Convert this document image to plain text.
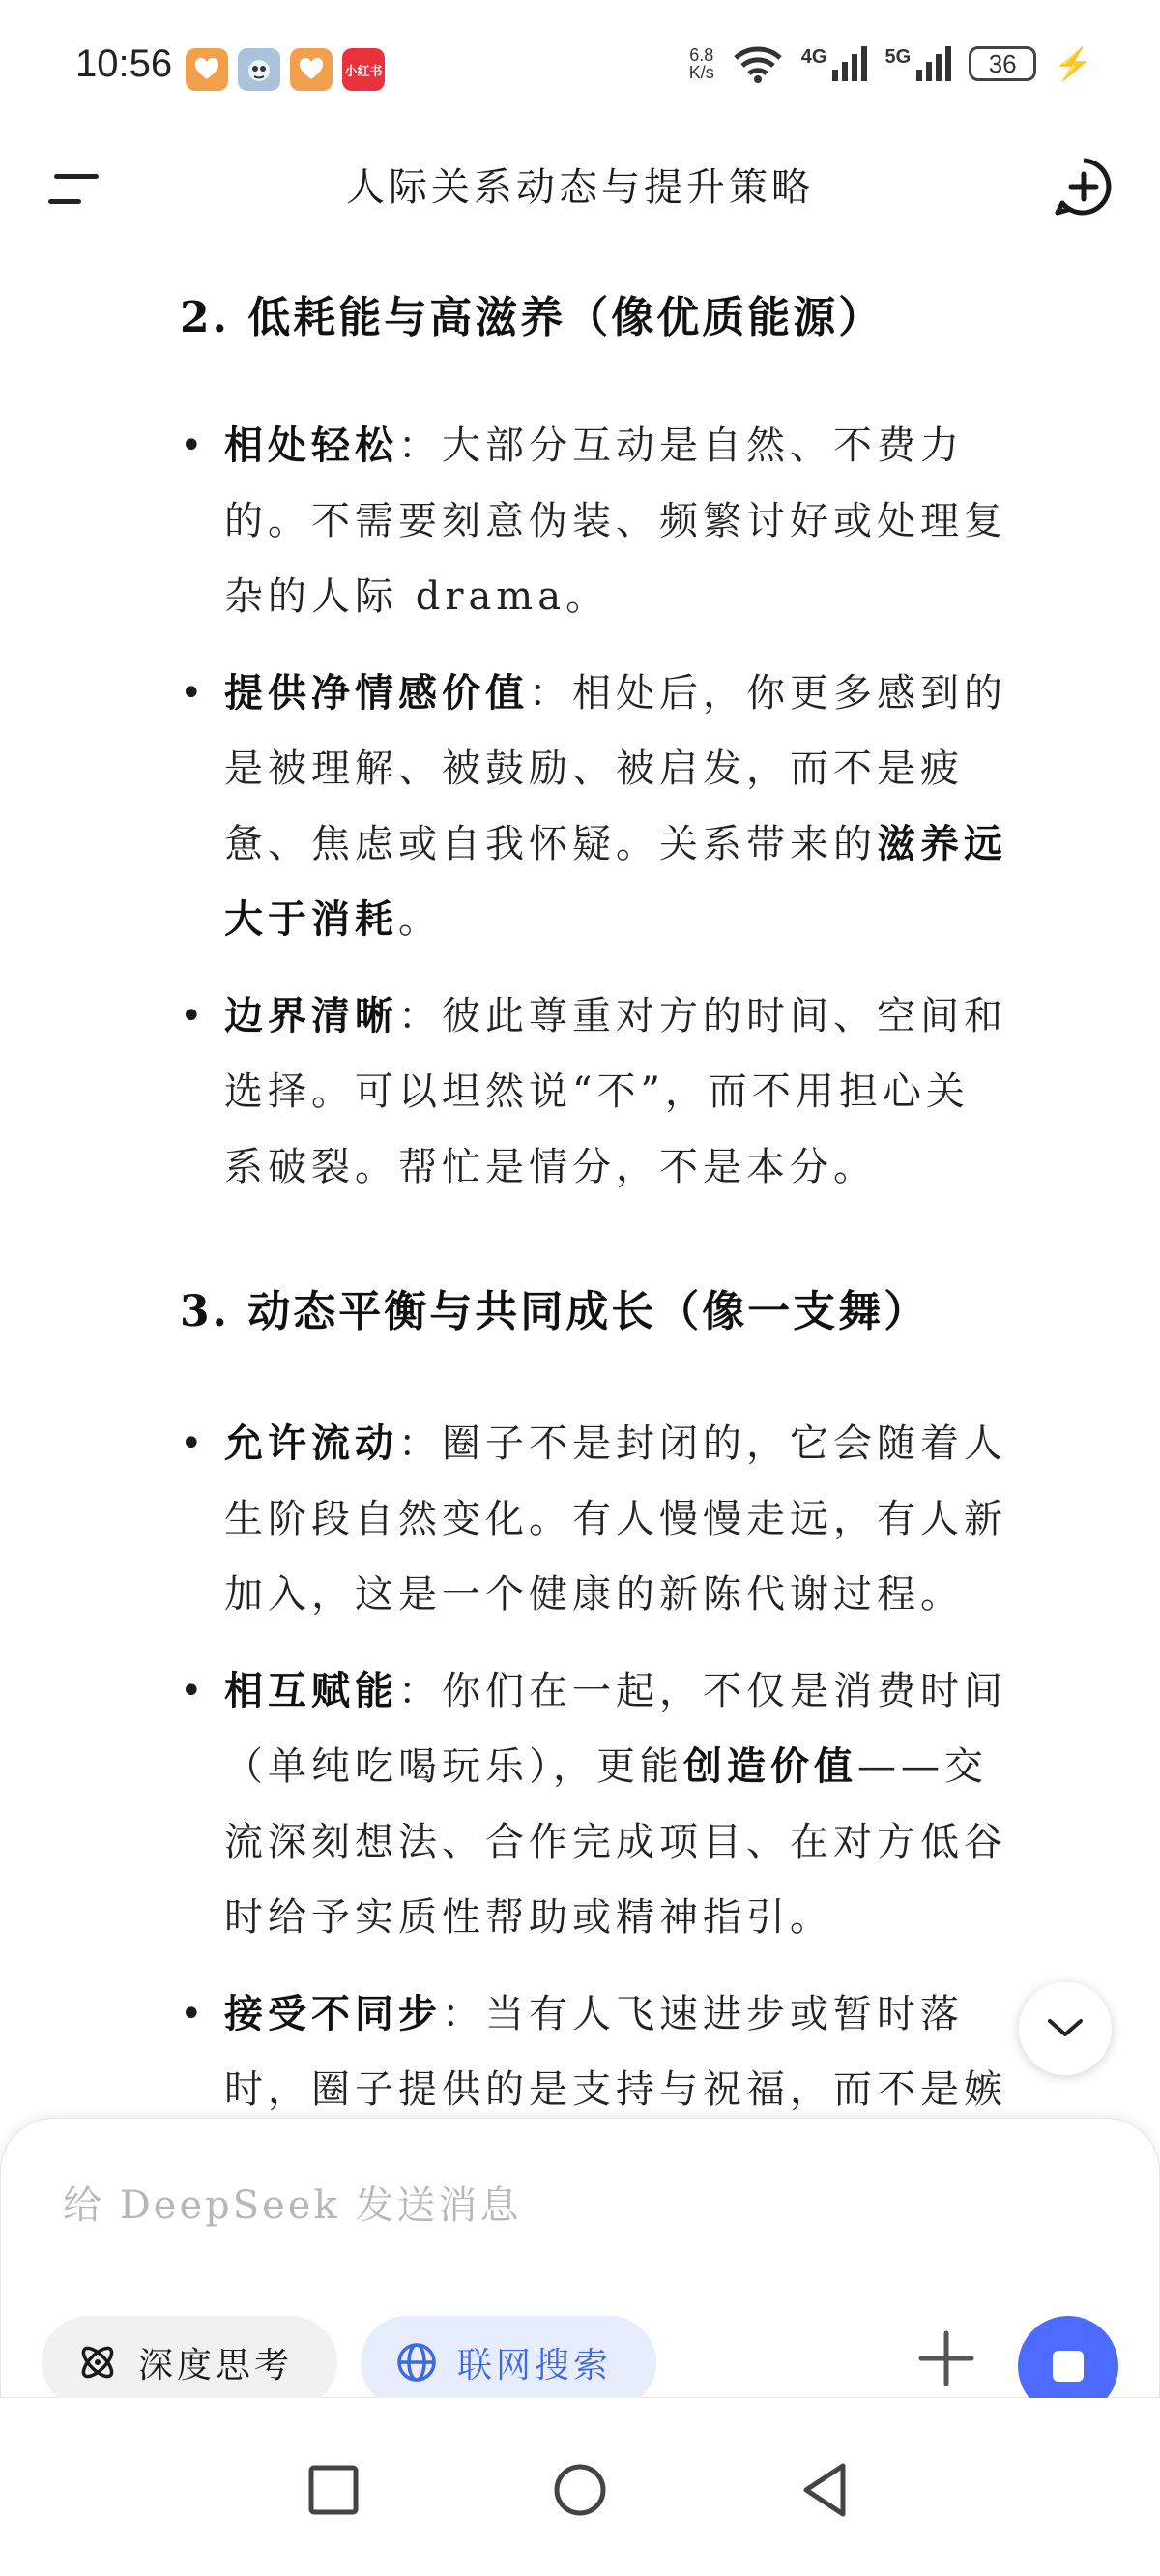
10:56	小红书
6.8
K/s
4G	5G	36	⚡
人际关系动态与提升策略
2. 低耗能与高滋养（像优质能源）
• 相处轻松：大部分互动是自然、不费力
的。不需要刻意伪装、频繁讨好或处理复
杂的人际 drama。
• 提供净情感价值：相处后，你更多感到的
是被理解、被鼓励、被启发，而不是疲
惫、焦虑或自我怀疑。关系带来的滋养远
大于消耗。
• 边界清晰：彼此尊重对方的时间、空间和
选择。可以坦然说“不”，而不用担心关
系破裂。帮忙是情分，不是本分。
3. 动态平衡与共同成长（像一支舞）
• 允许流动：圈子不是封闭的，它会随着人
生阶段自然变化。有人慢慢走远，有人新
加入，这是一个健康的新陈代谢过程。
• 相互赋能：你们在一起，不仅是消费时间
（单纯吃喝玩乐），更能创造价值——交
流深刻想法、合作完成项目、在对方低谷
时给予实质性帮助或精神指引。
• 接受不同步：当有人飞速进步或暂时落
时，圈子提供的是支持与祝福，而不是嫉
给 DeepSeek 发送消息
深度思考	联网搜索
